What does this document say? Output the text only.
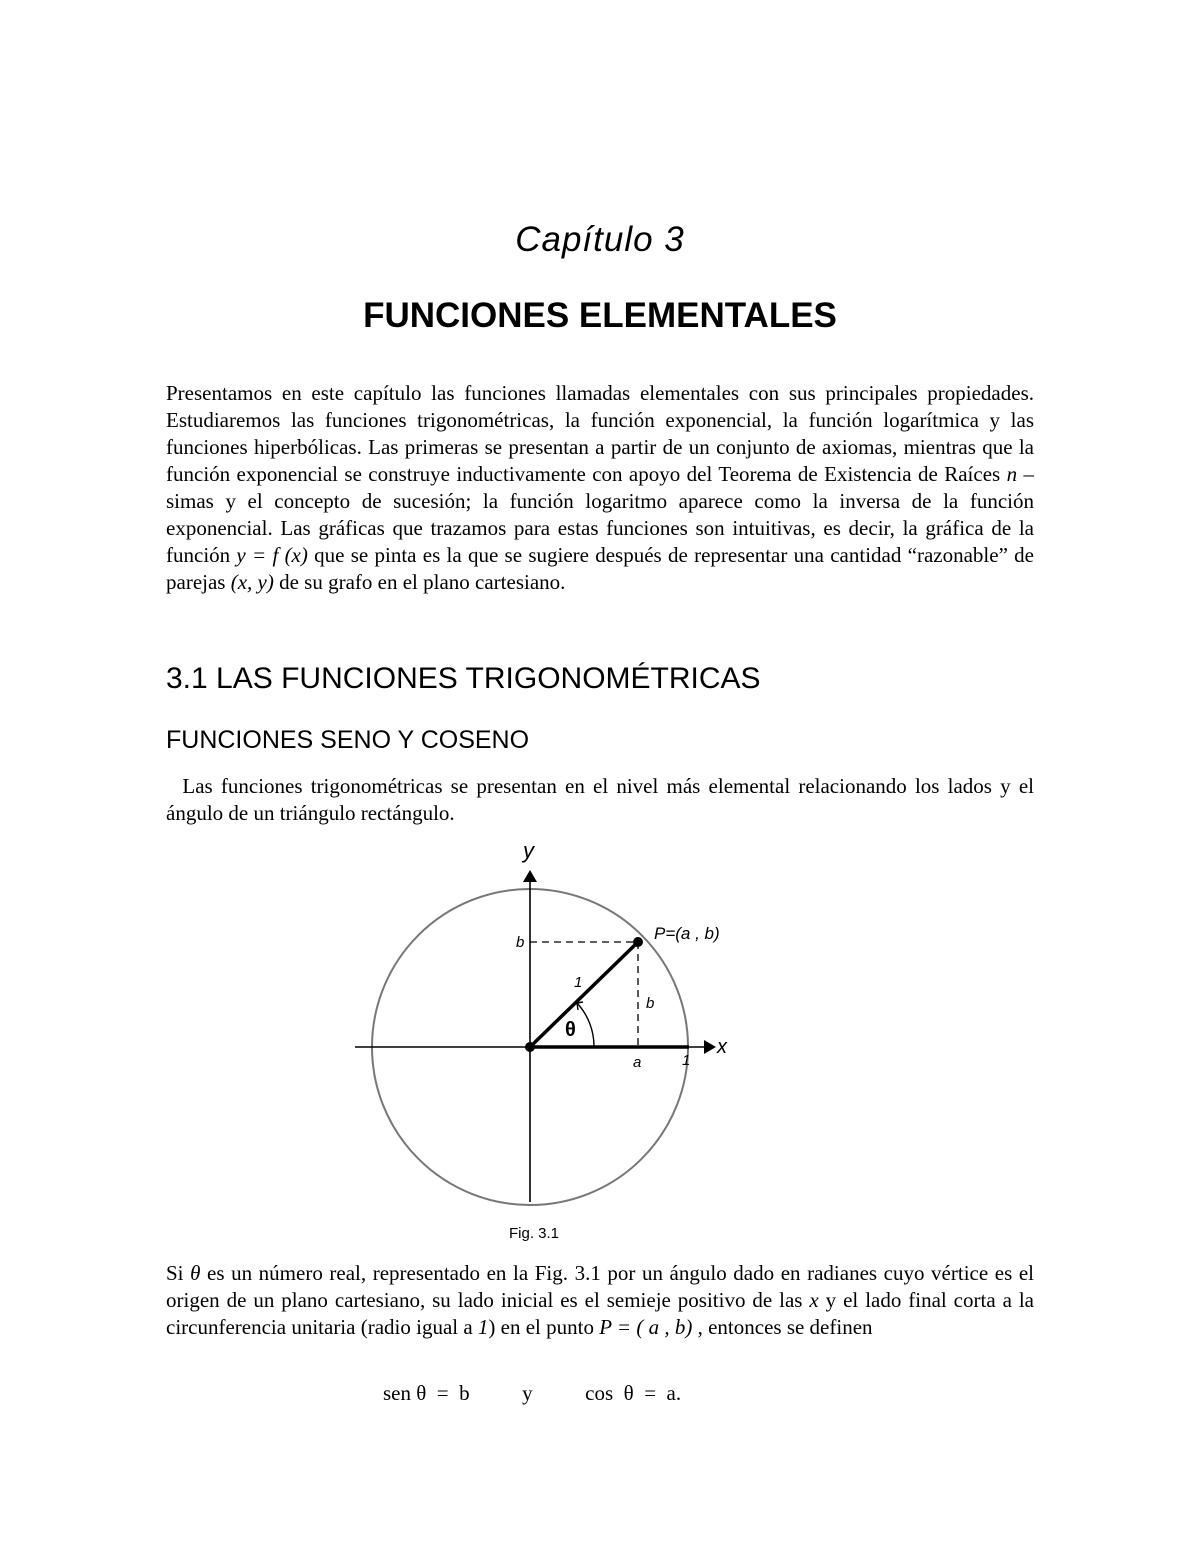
Capítulo 3
FUNCIONES ELEMENTALES
Presentamos en este capítulo las funciones llamadas elementales con sus principales propiedades. Estudiaremos las funciones trigonométricas, la función exponencial, la función logarítmica y las funciones hiperbólicas. Las primeras se presentan a partir de un conjunto de axiomas, mientras que la función exponencial se construye inductivamente con apoyo del Teorema de Existencia de Raíces n – simas y el concepto de sucesión; la función logaritmo aparece como la inversa de la función exponencial. Las gráficas que trazamos para estas funciones son intuitivas, es decir, la gráfica de la función y = f (x) que se pinta es la que se sugiere después de representar una cantidad “razonable” de parejas (x, y) de su grafo en el plano cartesiano.
3.1 LAS FUNCIONES TRIGONOMÉTRICAS
FUNCIONES SENO Y COSENO
Las funciones trigonométricas se presentan en el nivel más elemental relacionando los lados y el ángulo de un triángulo rectángulo.
y
x
P=(a , b)
b
b
a	1
1
θ
Fig. 3.1
Si θ es un número real, representado en la Fig. 3.1 por un ángulo dado en radianes cuyo vértice es el origen de un plano cartesiano, su lado inicial es el semieje positivo de las x y el lado final corta a la circunferencia unitaria (radio igual a 1) en el punto P = ( a , b) , entonces se definen
sen θ  =  b	y	cos  θ  =  a.
